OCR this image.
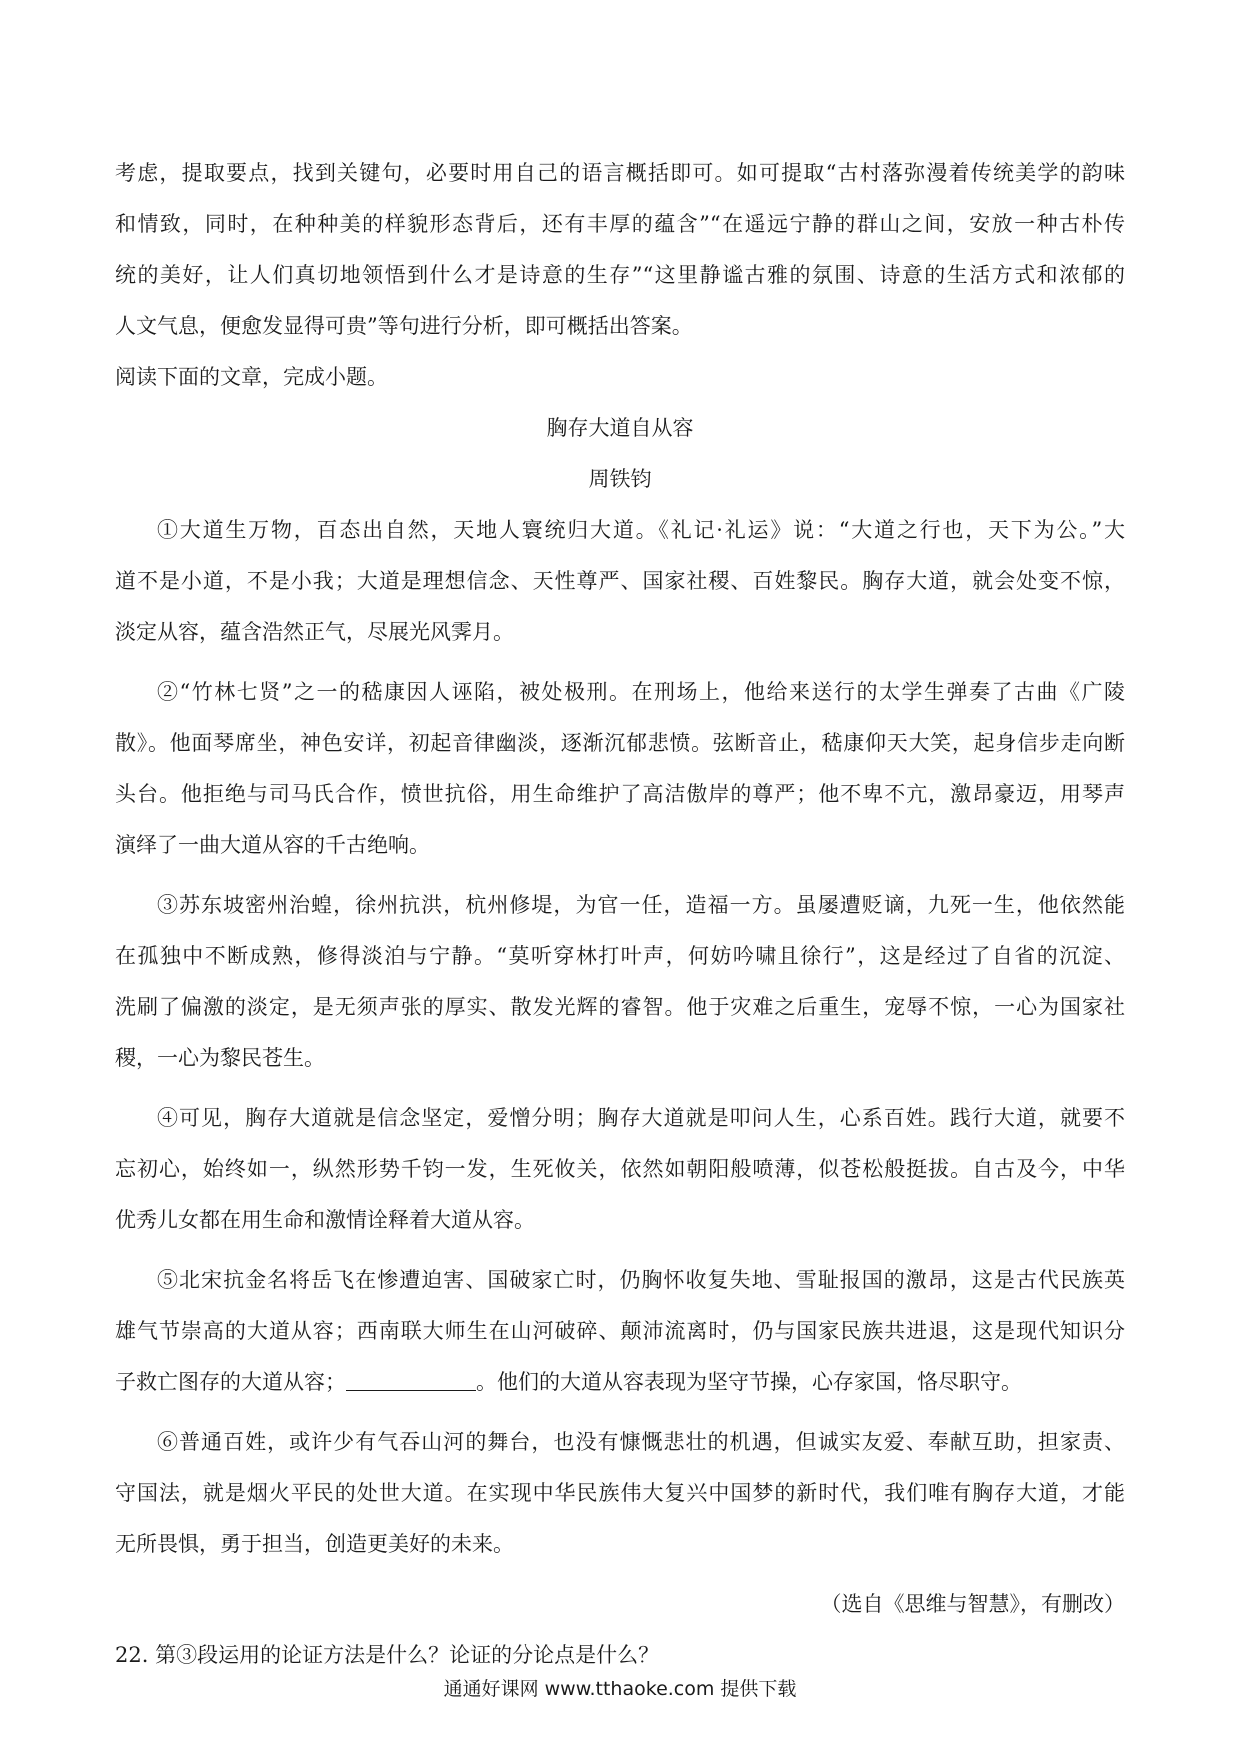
考虑，提取要点，找到关键句，必要时用自己的语言概括即可。如可提取“古村落弥漫着传统美学的韵味

和情致，同时，在种种美的样貌形态背后，还有丰厚的蕴含”“在遥远宁静的群山之间，安放一种古朴传

统的美好，让人们真切地领悟到什么才是诗意的生存”“这里静谧古雅的氛围、诗意的生活方式和浓郁的

人文气息，便愈发显得可贵”等句进行分析，即可概括出答案。

阅读下面的文章，完成小题。

胸存大道自从容

周铁钧

①大道生万物，百态出自然，天地人寰统归大道。《礼记·礼运》说：“大道之行也，天下为公。”大

道不是小道，不是小我；大道是理想信念、天性尊严、国家社稷、百姓黎民。胸存大道，就会处变不惊，

淡定从容，蕴含浩然正气，尽展光风霁月。

②“竹林七贤”之一的嵇康因人诬陷，被处极刑。在刑场上，他给来送行的太学生弹奏了古曲《广陵

散》。他面琴席坐，神色安详，初起音律幽淡，逐渐沉郁悲愤。弦断音止，嵇康仰天大笑，起身信步走向断

头台。他拒绝与司马氏合作，愤世抗俗，用生命维护了高洁傲岸的尊严；他不卑不亢，激昂豪迈，用琴声

演绎了一曲大道从容的千古绝响。

③苏东坡密州治蝗，徐州抗洪，杭州修堤，为官一任，造福一方。虽屡遭贬谪，九死一生，他依然能

在孤独中不断成熟，修得淡泊与宁静。“莫听穿林打叶声，何妨吟啸且徐行”，这是经过了自省的沉淀、

洗刷了偏激的淡定，是无须声张的厚实、散发光辉的睿智。他于灾难之后重生，宠辱不惊，一心为国家社

稷，一心为黎民苍生。

④可见，胸存大道就是信念坚定，爱憎分明；胸存大道就是叩问人生，心系百姓。践行大道，就要不

忘初心，始终如一，纵然形势千钧一发，生死攸关，依然如朝阳般喷薄，似苍松般挺拔。自古及今，中华

优秀儿女都在用生命和激情诠释着大道从容。

⑤北宋抗金名将岳飞在惨遭迫害、国破家亡时，仍胸怀收复失地、雪耻报国的激昂，这是古代民族英

雄气节崇高的大道从容；西南联大师生在山河破碎、颠沛流离时，仍与国家民族共进退，这是现代知识分

子救亡图存的大道从容；	。他们的大道从容表现为坚守节操，心存家国，恪尽职守。

⑥普通百姓，或许少有气吞山河的舞台，也没有慷慨悲壮的机遇，但诚实友爱、奉献互助，担家责、

守国法，就是烟火平民的处世大道。在实现中华民族伟大复兴中国梦的新时代，我们唯有胸存大道，才能

无所畏惧，勇于担当，创造更美好的未来。

（选自《思维与智慧》，有删改）

22. 第③段运用的论证方法是什么？论证的分论点是什么？

通通好课网 www.tthaoke.com 提供下载
